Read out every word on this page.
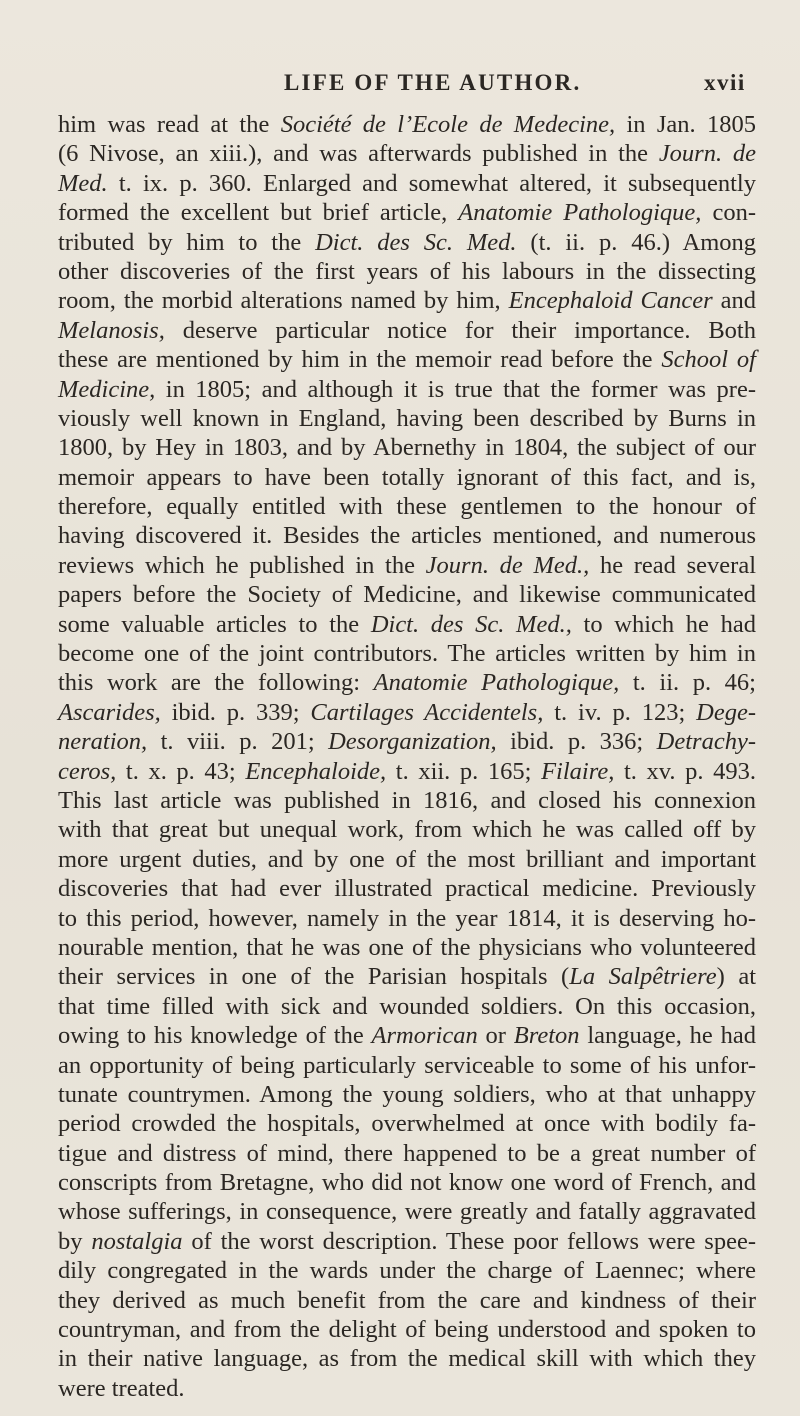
LIFE OF THE AUTHOR.	xvii
him was read at the Société de l’Ecole de Medecine, in Jan. 1805
(6 Nivose, an xiii.), and was afterwards published in the Journ. de
Med. t. ix. p. 360. Enlarged and somewhat altered, it subsequently
formed the excellent but brief article, Anatomie Pathologique, con-
tributed by him to the Dict. des Sc. Med. (t. ii. p. 46.) Among
other discoveries of the first years of his labours in the dissecting
room, the morbid alterations named by him, Encephaloid Cancer and
Melanosis, deserve particular notice for their importance. Both
these are mentioned by him in the memoir read before the School of
Medicine, in 1805; and although it is true that the former was pre-
viously well known in England, having been described by Burns in
1800, by Hey in 1803, and by Abernethy in 1804, the subject of our
memoir appears to have been totally ignorant of this fact, and is,
therefore, equally entitled with these gentlemen to the honour of
having discovered it. Besides the articles mentioned, and numerous
reviews which he published in the Journ. de Med., he read several
papers before the Society of Medicine, and likewise communicated
some valuable articles to the Dict. des Sc. Med., to which he had
become one of the joint contributors. The articles written by him in
this work are the following: Anatomie Pathologique, t. ii. p. 46;
Ascarides, ibid. p. 339; Cartilages Accidentels, t. iv. p. 123; Dege-
neration, t. viii. p. 201; Desorganization, ibid. p. 336; Detrachy-
ceros, t. x. p. 43; Encephaloide, t. xii. p. 165; Filaire, t. xv. p. 493.
This last article was published in 1816, and closed his connexion
with that great but unequal work, from which he was called off by
more urgent duties, and by one of the most brilliant and important
discoveries that had ever illustrated practical medicine. Previously
to this period, however, namely in the year 1814, it is deserving ho-
nourable mention, that he was one of the physicians who volunteered
their services in one of the Parisian hospitals (La Salpêtriere) at
that time filled with sick and wounded soldiers. On this occasion,
owing to his knowledge of the Armorican or Breton language, he had
an opportunity of being particularly serviceable to some of his unfor-
tunate countrymen. Among the young soldiers, who at that unhappy
period crowded the hospitals, overwhelmed at once with bodily fa-
tigue and distress of mind, there happened to be a great number of
conscripts from Bretagne, who did not know one word of French, and
whose sufferings, in consequence, were greatly and fatally aggravated
by nostalgia of the worst description. These poor fellows were spee-
dily congregated in the wards under the charge of Laennec; where
they derived as much benefit from the care and kindness of their
countryman, and from the delight of being understood and spoken to
in their native language, as from the medical skill with which they
were treated.
